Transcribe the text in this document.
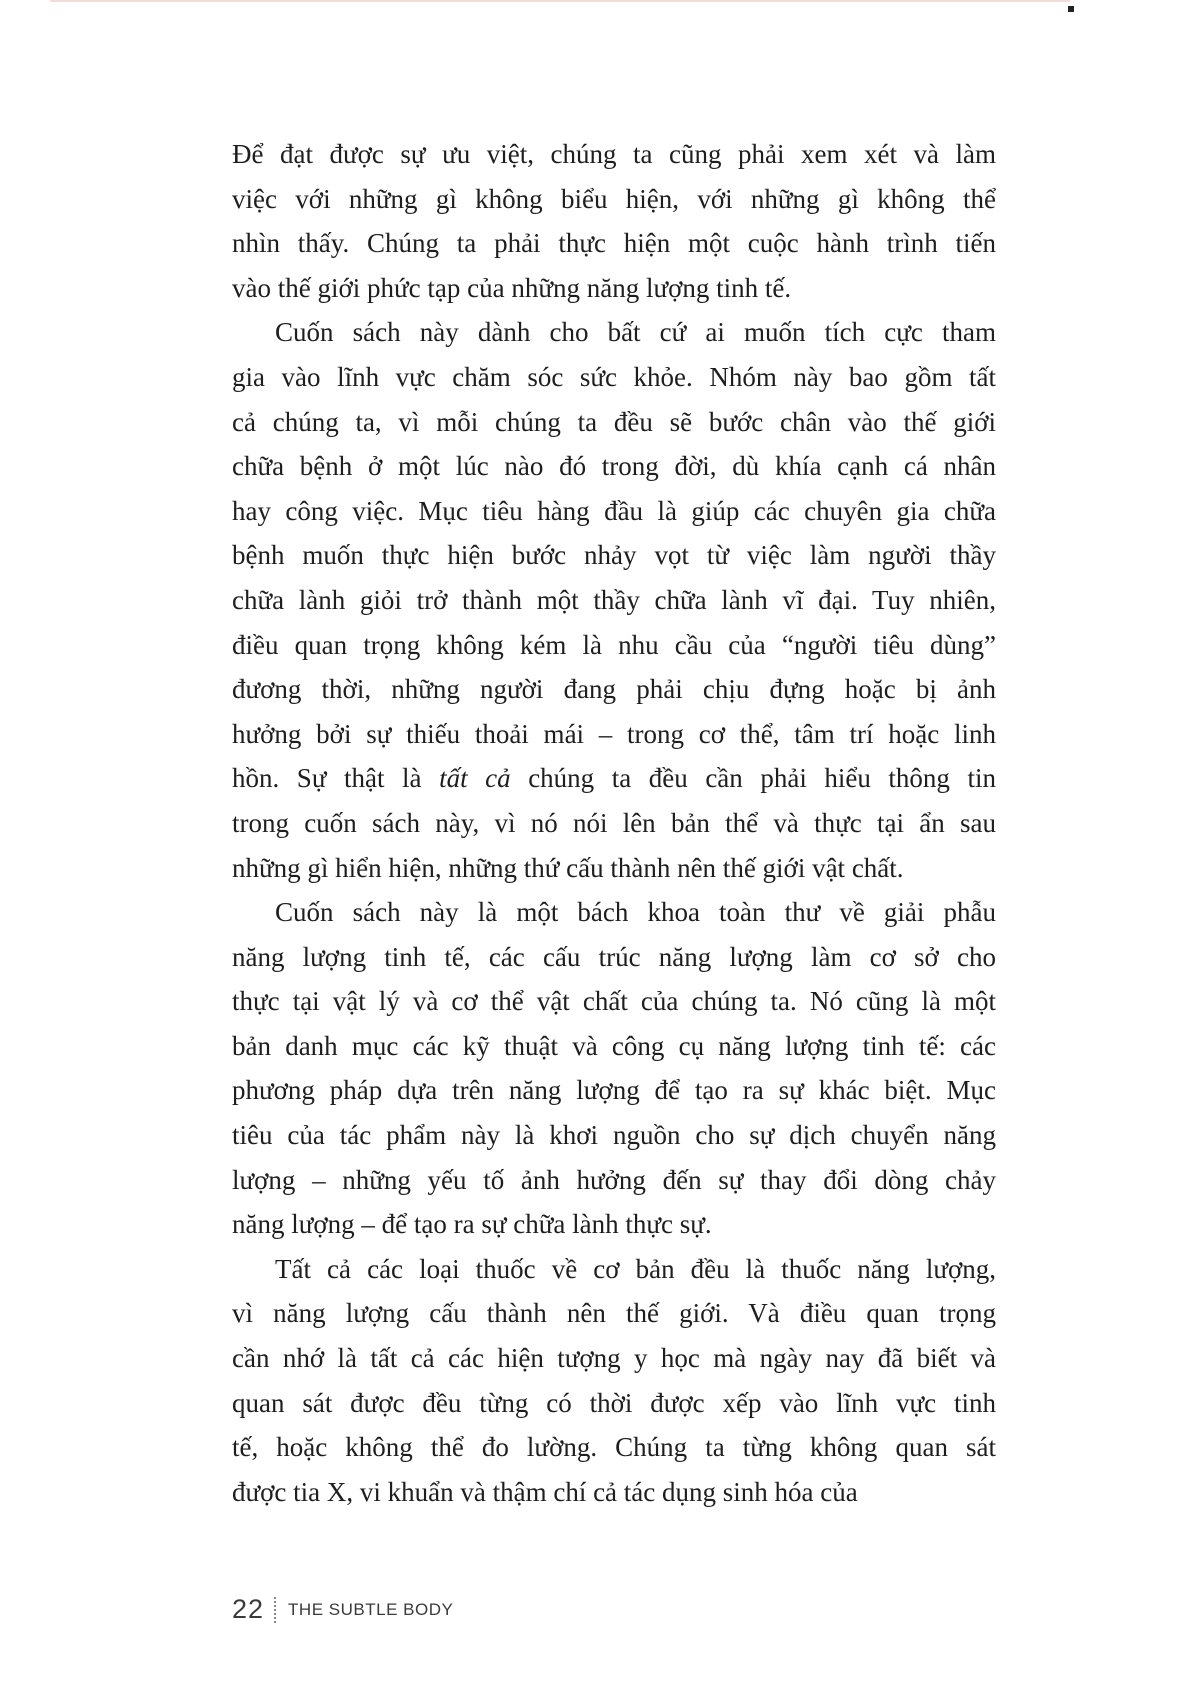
Để đạt được sự ưu việt, chúng ta cũng phải xem xét và làm
việc với những gì không biểu hiện, với những gì không thể
nhìn thấy. Chúng ta phải thực hiện một cuộc hành trình tiến
vào thế giới phức tạp của những năng lượng tinh tế.
Cuốn sách này dành cho bất cứ ai muốn tích cực tham
gia vào lĩnh vực chăm sóc sức khỏe. Nhóm này bao gồm tất
cả chúng ta, vì mỗi chúng ta đều sẽ bước chân vào thế giới
chữa bệnh ở một lúc nào đó trong đời, dù khía cạnh cá nhân
hay công việc. Mục tiêu hàng đầu là giúp các chuyên gia chữa
bệnh muốn thực hiện bước nhảy vọt từ việc làm người thầy
chữa lành giỏi trở thành một thầy chữa lành vĩ đại. Tuy nhiên,
điều quan trọng không kém là nhu cầu của “người tiêu dùng”
đương thời, những người đang phải chịu đựng hoặc bị ảnh
hưởng bởi sự thiếu thoải mái – trong cơ thể, tâm trí hoặc linh
hồn. Sự thật là tất cả chúng ta đều cần phải hiểu thông tin
trong cuốn sách này, vì nó nói lên bản thể và thực tại ẩn sau
những gì hiển hiện, những thứ cấu thành nên thế giới vật chất.
Cuốn sách này là một bách khoa toàn thư về giải phẫu
năng lượng tinh tế, các cấu trúc năng lượng làm cơ sở cho
thực tại vật lý và cơ thể vật chất của chúng ta. Nó cũng là một
bản danh mục các kỹ thuật và công cụ năng lượng tinh tế: các
phương pháp dựa trên năng lượng để tạo ra sự khác biệt. Mục
tiêu của tác phẩm này là khơi nguồn cho sự dịch chuyển năng
lượng – những yếu tố ảnh hưởng đến sự thay đổi dòng chảy
năng lượng – để tạo ra sự chữa lành thực sự.
Tất cả các loại thuốc về cơ bản đều là thuốc năng lượng,
vì năng lượng cấu thành nên thế giới. Và điều quan trọng
cần nhớ là tất cả các hiện tượng y học mà ngày nay đã biết và
quan sát được đều từng có thời được xếp vào lĩnh vực tinh
tế, hoặc không thể đo lường. Chúng ta từng không quan sát
được tia X, vi khuẩn và thậm chí cả tác dụng sinh hóa của
22 THE SUBTLE BODY
